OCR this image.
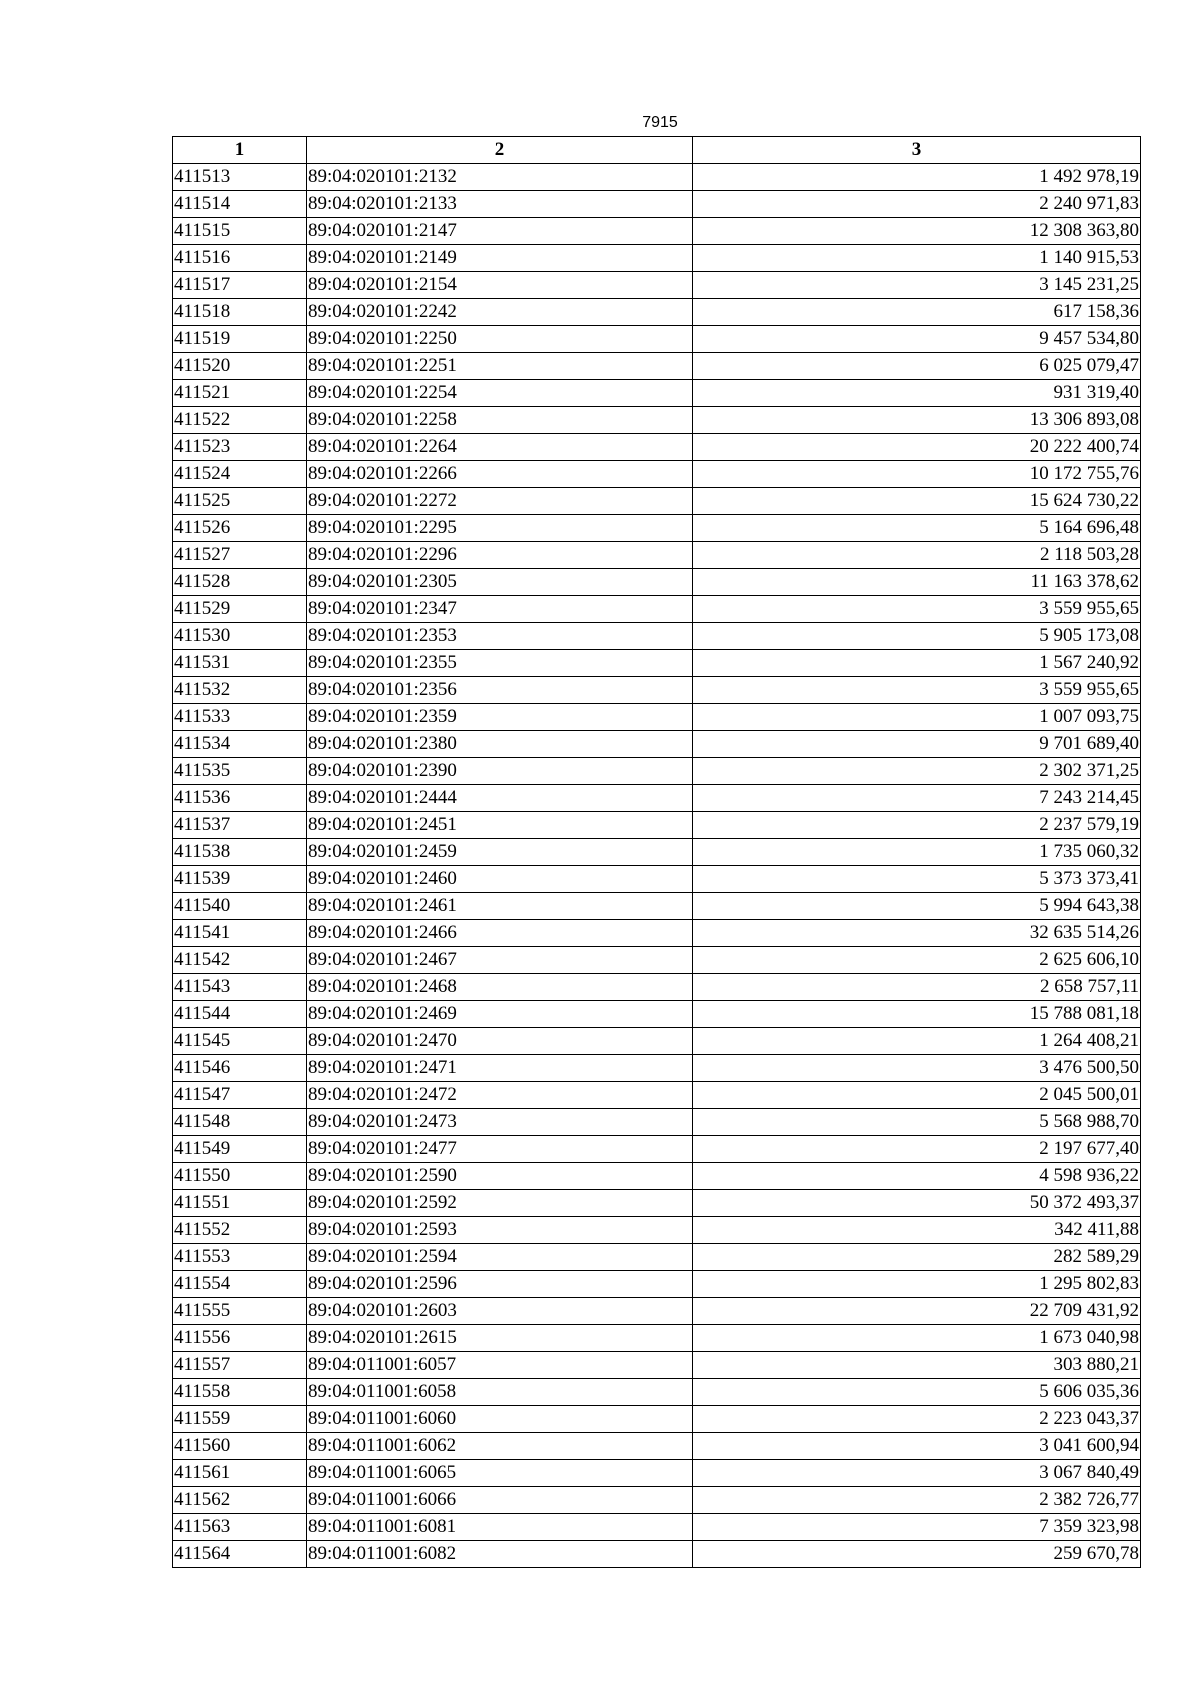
7915
1	2	3
411513	89:04:020101:2132	1 492 978,19
411514	89:04:020101:2133	2 240 971,83
411515	89:04:020101:2147	12 308 363,80
411516	89:04:020101:2149	1 140 915,53
411517	89:04:020101:2154	3 145 231,25
411518	89:04:020101:2242	617 158,36
411519	89:04:020101:2250	9 457 534,80
411520	89:04:020101:2251	6 025 079,47
411521	89:04:020101:2254	931 319,40
411522	89:04:020101:2258	13 306 893,08
411523	89:04:020101:2264	20 222 400,74
411524	89:04:020101:2266	10 172 755,76
411525	89:04:020101:2272	15 624 730,22
411526	89:04:020101:2295	5 164 696,48
411527	89:04:020101:2296	2 118 503,28
411528	89:04:020101:2305	11 163 378,62
411529	89:04:020101:2347	3 559 955,65
411530	89:04:020101:2353	5 905 173,08
411531	89:04:020101:2355	1 567 240,92
411532	89:04:020101:2356	3 559 955,65
411533	89:04:020101:2359	1 007 093,75
411534	89:04:020101:2380	9 701 689,40
411535	89:04:020101:2390	2 302 371,25
411536	89:04:020101:2444	7 243 214,45
411537	89:04:020101:2451	2 237 579,19
411538	89:04:020101:2459	1 735 060,32
411539	89:04:020101:2460	5 373 373,41
411540	89:04:020101:2461	5 994 643,38
411541	89:04:020101:2466	32 635 514,26
411542	89:04:020101:2467	2 625 606,10
411543	89:04:020101:2468	2 658 757,11
411544	89:04:020101:2469	15 788 081,18
411545	89:04:020101:2470	1 264 408,21
411546	89:04:020101:2471	3 476 500,50
411547	89:04:020101:2472	2 045 500,01
411548	89:04:020101:2473	5 568 988,70
411549	89:04:020101:2477	2 197 677,40
411550	89:04:020101:2590	4 598 936,22
411551	89:04:020101:2592	50 372 493,37
411552	89:04:020101:2593	342 411,88
411553	89:04:020101:2594	282 589,29
411554	89:04:020101:2596	1 295 802,83
411555	89:04:020101:2603	22 709 431,92
411556	89:04:020101:2615	1 673 040,98
411557	89:04:011001:6057	303 880,21
411558	89:04:011001:6058	5 606 035,36
411559	89:04:011001:6060	2 223 043,37
411560	89:04:011001:6062	3 041 600,94
411561	89:04:011001:6065	3 067 840,49
411562	89:04:011001:6066	2 382 726,77
411563	89:04:011001:6081	7 359 323,98
411564	89:04:011001:6082	259 670,78
